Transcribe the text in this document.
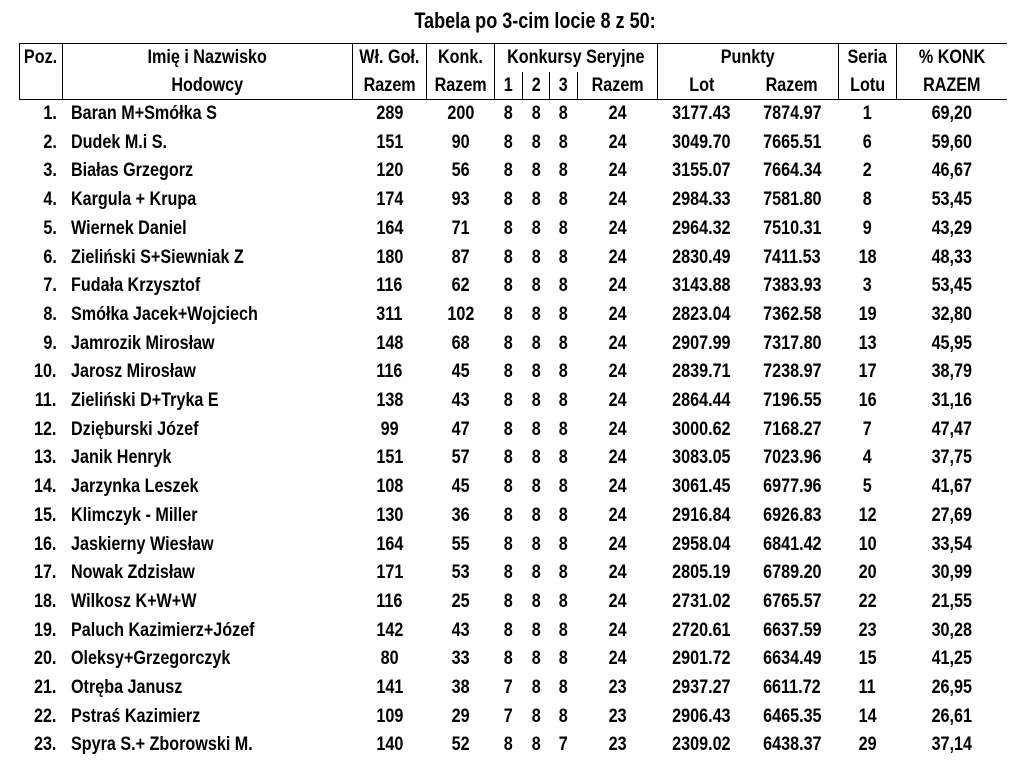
Tabela po 3-cim locie 8 z 50:
Poz.	Imię i Nazwisko	Wł. Goł.	Konk.	Konkursy Seryjne				Punkty		Seria	% KONK
	Hodowcy	Razem	Razem	1	2	3	Razem	Lot	Razem	Lotu	RAZEM
1.	Baran M+Smółka S	289	200	8	8	8	24	3177.43	7874.97	1	69,20
2.	Dudek M.i S.	151	90	8	8	8	24	3049.70	7665.51	6	59,60
3.	Białas Grzegorz	120	56	8	8	8	24	3155.07	7664.34	2	46,67
4.	Kargula + Krupa	174	93	8	8	8	24	2984.33	7581.80	8	53,45
5.	Wiernek Daniel	164	71	8	8	8	24	2964.32	7510.31	9	43,29
6.	Zieliński S+Siewniak Z	180	87	8	8	8	24	2830.49	7411.53	18	48,33
7.	Fudała Krzysztof	116	62	8	8	8	24	3143.88	7383.93	3	53,45
8.	Smółka Jacek+Wojciech	311	102	8	8	8	24	2823.04	7362.58	19	32,80
9.	Jamrozik Mirosław	148	68	8	8	8	24	2907.99	7317.80	13	45,95
10.	Jarosz Mirosław	116	45	8	8	8	24	2839.71	7238.97	17	38,79
11.	Zieliński D+Tryka E	138	43	8	8	8	24	2864.44	7196.55	16	31,16
12.	Dzięburski Józef	99	47	8	8	8	24	3000.62	7168.27	7	47,47
13.	Janik Henryk	151	57	8	8	8	24	3083.05	7023.96	4	37,75
14.	Jarzynka Leszek	108	45	8	8	8	24	3061.45	6977.96	5	41,67
15.	Klimczyk - Miller	130	36	8	8	8	24	2916.84	6926.83	12	27,69
16.	Jaskierny Wiesław	164	55	8	8	8	24	2958.04	6841.42	10	33,54
17.	Nowak Zdzisław	171	53	8	8	8	24	2805.19	6789.20	20	30,99
18.	Wilkosz K+W+W	116	25	8	8	8	24	2731.02	6765.57	22	21,55
19.	Paluch Kazimierz+Józef	142	43	8	8	8	24	2720.61	6637.59	23	30,28
20.	Oleksy+Grzegorczyk	80	33	8	8	8	24	2901.72	6634.49	15	41,25
21.	Otręba Janusz	141	38	7	8	8	23	2937.27	6611.72	11	26,95
22.	Pstraś Kazimierz	109	29	7	8	8	23	2906.43	6465.35	14	26,61
23.	Spyra S.+ Zborowski M.	140	52	8	8	7	23	2309.02	6438.37	29	37,14
